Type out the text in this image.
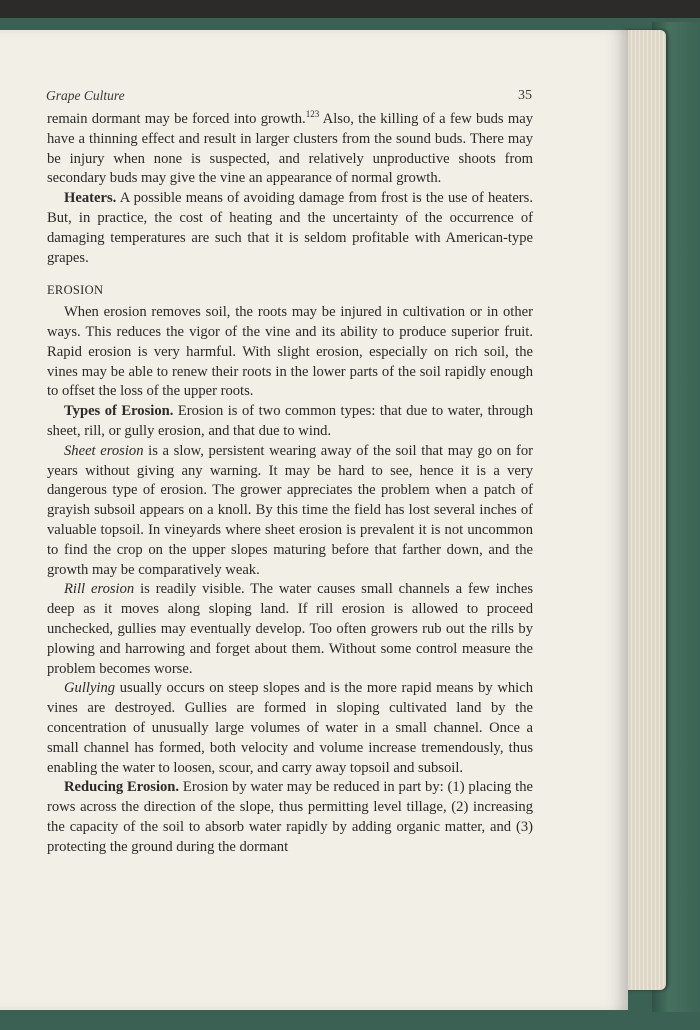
Grape Culture	35

remain dormant may be forced into growth.$^{123}$ Also, the killing of a few buds may have a thinning effect and result in larger clusters from the sound buds. There may be injury when none is suspected, and relatively unproductive shoots from secondary buds may give the vine an appearance of normal growth.

Heaters. A possible means of avoiding damage from frost is the use of heaters. But, in practice, the cost of heating and the uncertainty of the occurrence of damaging temperatures are such that it is seldom profitable with American-type grapes.

EROSION

When erosion removes soil, the roots may be injured in cultivation or in other ways. This reduces the vigor of the vine and its ability to produce superior fruit. Rapid erosion is very harmful. With slight erosion, especially on rich soil, the vines may be able to renew their roots in the lower parts of the soil rapidly enough to offset the loss of the upper roots.

Types of Erosion. Erosion is of two common types: that due to water, through sheet, rill, or gully erosion, and that due to wind.

Sheet erosion is a slow, persistent wearing away of the soil that may go on for years without giving any warning. It may be hard to see, hence it is a very dangerous type of erosion. The grower appreciates the problem when a patch of grayish subsoil appears on a knoll. By this time the field has lost several inches of valuable topsoil. In vineyards where sheet erosion is prevalent it is not uncommon to find the crop on the upper slopes maturing before that farther down, and the growth may be comparatively weak.

Rill erosion is readily visible. The water causes small channels a few inches deep as it moves along sloping land. If rill erosion is allowed to proceed unchecked, gullies may eventually develop. Too often growers rub out the rills by plowing and harrowing and forget about them. Without some control measure the problem becomes worse.

Gullying usually occurs on steep slopes and is the more rapid means by which vines are destroyed. Gullies are formed in sloping cultivated land by the concentration of unusually large volumes of water in a small channel. Once a small channel has formed, both velocity and volume increase tremendously, thus enabling the water to loosen, scour, and carry away topsoil and subsoil.

Reducing Erosion. Erosion by water may be reduced in part by: (1) placing the rows across the direction of the slope, thus permitting level tillage, (2) increasing the capacity of the soil to absorb water rapidly by adding organic matter, and (3) protecting the ground during the dormant
